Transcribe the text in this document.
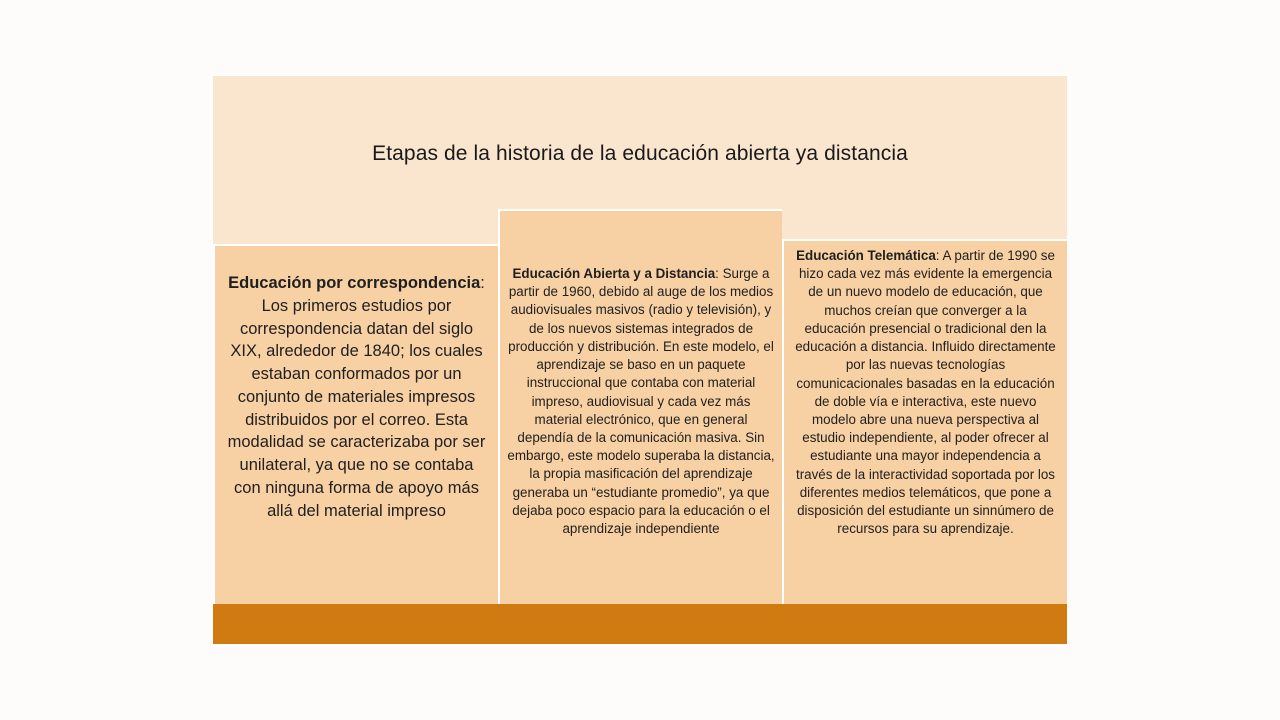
Etapas de la historia de la educación abierta ya distancia
Educación por correspondencia: Los primeros estudios por correspondencia datan del siglo XIX, alrededor de 1840; los cuales estaban conformados por un conjunto de materiales impresos distribuidos por el correo. Esta modalidad se caracterizaba por ser unilateral, ya que no se contaba con ninguna forma de apoyo más allá del material impreso
Educación Abierta y a Distancia: Surge a partir de 1960, debido al auge de los medios audiovisuales masivos (radio y televisión), y de los nuevos sistemas integrados de producción y distribución. En este modelo, el aprendizaje se baso en un paquete instruccional que contaba con material impreso, audiovisual y cada vez más material electrónico, que en general dependía de la comunicación masiva. Sin embargo, este modelo superaba la distancia, la propia masificación del aprendizaje generaba un “estudiante promedio”, ya que dejaba poco espacio para la educación o el aprendizaje independiente
Educación Telemática: A partir de 1990 se hizo cada vez más evidente la emergencia de un nuevo modelo de educación, que muchos creían que converger a la educación presencial o tradicional den la educación a distancia. Influido directamente por las nuevas tecnologías comunicacionales basadas en la educación de doble vía e interactiva, este nuevo modelo abre una nueva perspectiva al estudio independiente, al poder ofrecer al estudiante una mayor independencia a través de la interactividad soportada por los diferentes medios telemáticos, que pone a disposición del estudiante un sinnúmero de recursos para su aprendizaje.
